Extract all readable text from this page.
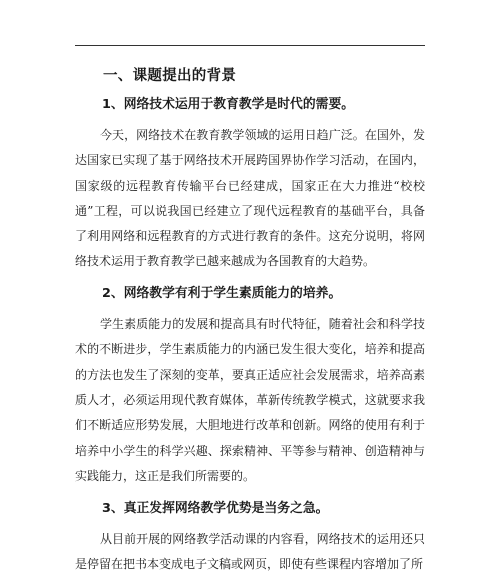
一、课题提出的背景
1、网络技术运用于教育教学是时代的需要。

今天，网络技术在教育教学领域的运用日趋广泛。在国外，发达国家已实现了基于网络技术开展跨国界协作学习活动，在国内，国家级的远程教育传输平台已经建成，国家正在大力推进“校校通”工程，可以说我国已经建立了现代远程教育的基础平台，具备了利用网络和远程教育的方式进行教育的条件。这充分说明，将网络技术运用于教育教学已越来越成为各国教育的大趋势。

2、网络教学有利于学生素质能力的培养。

学生素质能力的发展和提高具有时代特征，随着社会和科学技术的不断进步，学生素质能力的内涵已发生很大变化，培养和提高的方法也发生了深刻的变革，要真正适应社会发展需求，培养高素质人才，必须运用现代教育媒体，革新传统教学模式，这就要求我们不断适应形势发展，大胆地进行改革和创新。网络的使用有利于培养中小学生的科学兴趣、探索精神、平等参与精神、创造精神与实践能力，这正是我们所需要的。

3、真正发挥网络教学优势是当务之急。

从目前开展的网络教学活动课的内容看，网络技术的运用还只是停留在把书本变成电子文稿或网页，即使有些课程内容增加了所
